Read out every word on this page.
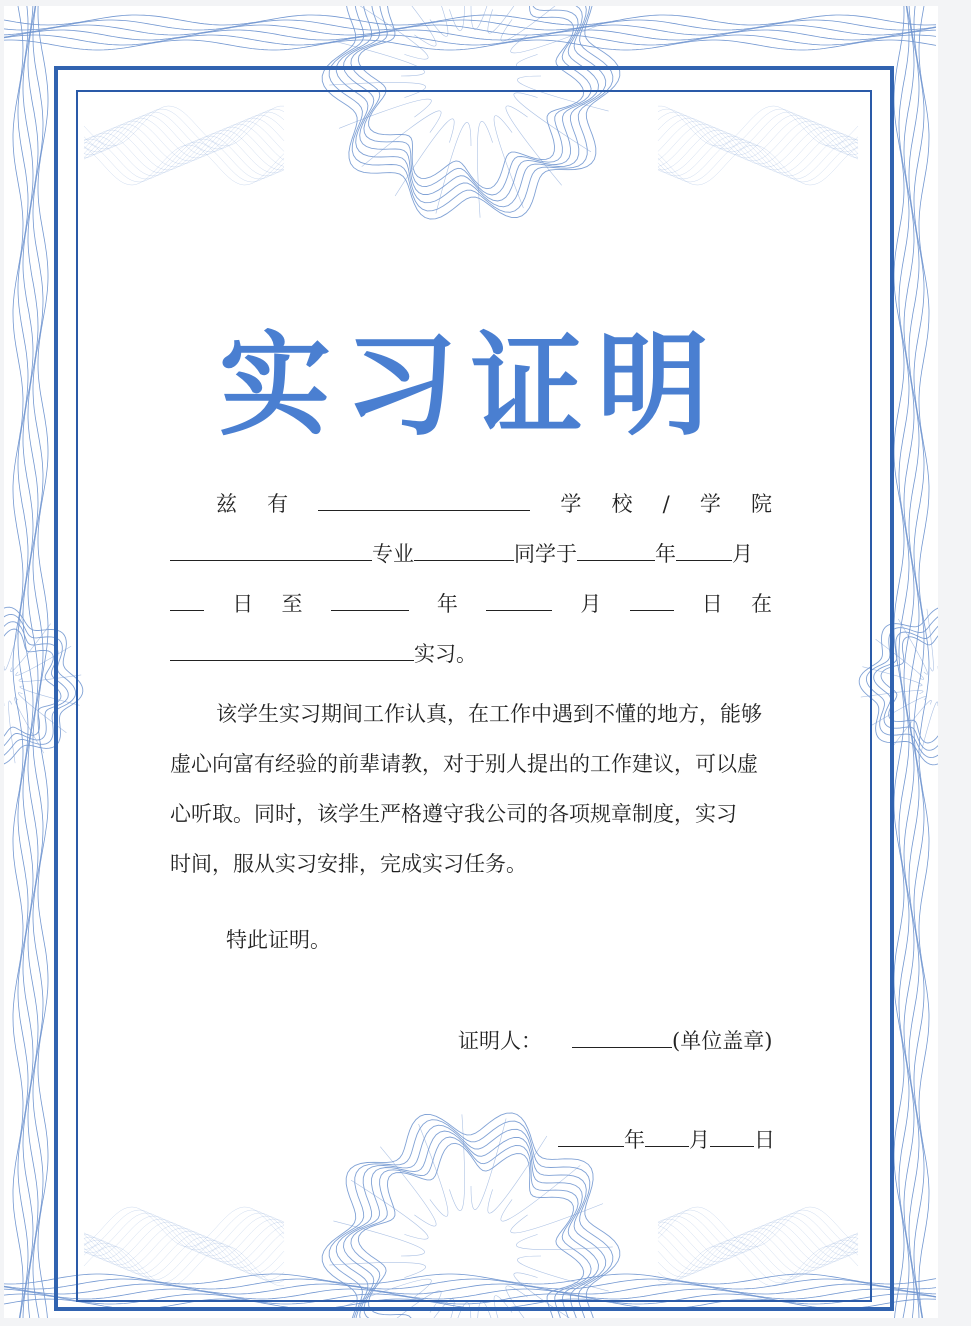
实习证明
兹 有	学 校 / 学 院
专业	同学于	年	月
日 至	年	月	日 在
实习。
该学生实习期间工作认真，在工作中遇到不懂的地方，能够
虚心向富有经验的前辈请教，对于别人提出的工作建议，可以虚
心听取。同时，该学生严格遵守我公司的各项规章制度，实习
时间，服从实习安排，完成实习任务。
特此证明。
证明人：	(单位盖章)
年 月 日
